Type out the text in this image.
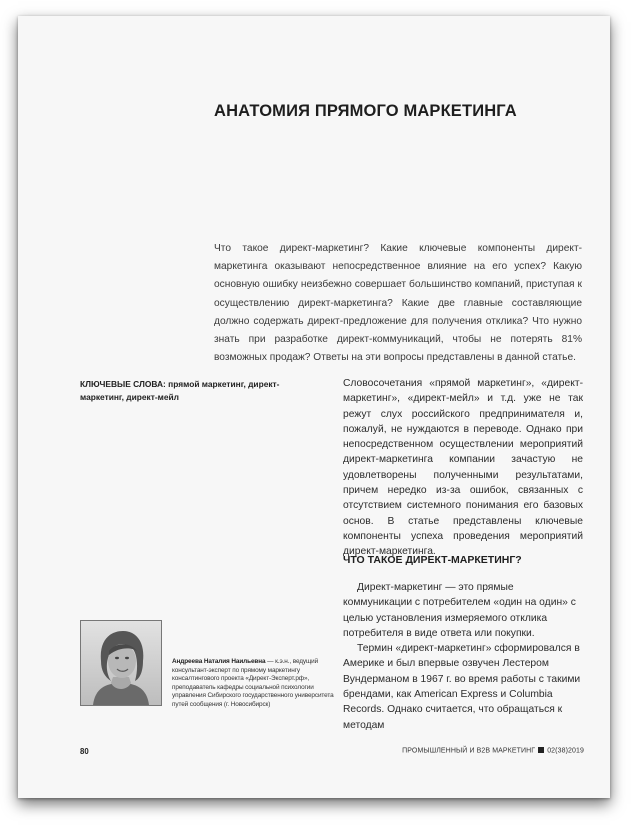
АНАТОМИЯ ПРЯМОГО МАРКЕТИНГА

Что такое директ-маркетинг? Какие ключевые компоненты директ-маркетинга оказывают непосредственное влияние на его успех? Какую основную ошибку неизбежно совершает большинство компаний, приступая к осуществлению директ-маркетинга? Какие две главные составляющие должно содержать директ-предложение для получения отклика? Что нужно знать при разработке директ-коммуникаций, чтобы не потерять 81% возможных продаж? Ответы на эти вопросы представлены в данной статье.

КЛЮЧЕВЫЕ СЛОВА: прямой маркетинг, директ-маркетинг, директ-мейл

Словосочетания «прямой маркетинг», «директ-маркетинг», «директ-мейл» и т.д. уже не так режут слух российского предпринимателя и, пожалуй, не нуждаются в переводе. Однако при непосредственном осуществлении мероприятий директ-маркетинга компании зачастую не удовлетворены полученными результатами, причем нередко из-за ошибок, связанных с отсутствием системного понимания его базовых основ. В статье представлены ключевые компоненты успеха проведения мероприятий директ-маркетинга.

ЧТО ТАКОЕ ДИРЕКТ-МАРКЕТИНГ?

Директ-маркетинг — это прямые коммуникации с потребителем «один на один» с целью установления измеряемого отклика потребителя в виде ответа или покупки.

Термин «директ-маркетинг» сформировался в Америке и был впервые озвучен Лестером Вундерманом в 1967 г. во время работы с такими брендами, как American Express и Columbia Records. Однако считается, что обращаться к методам

Андреева Наталия Наильевна — к.э.н., ведущий консультант-эксперт по прямому маркетингу консалтингового проекта «Директ-Эксперт.рф», преподаватель кафедры социальной психологии управления Сибирского государственного университета путей сообщения (г. Новосибирск)
80	ПРОМЫШЛЕННЫЙ И B2B МАРКЕТИНГ 02(38)2019
